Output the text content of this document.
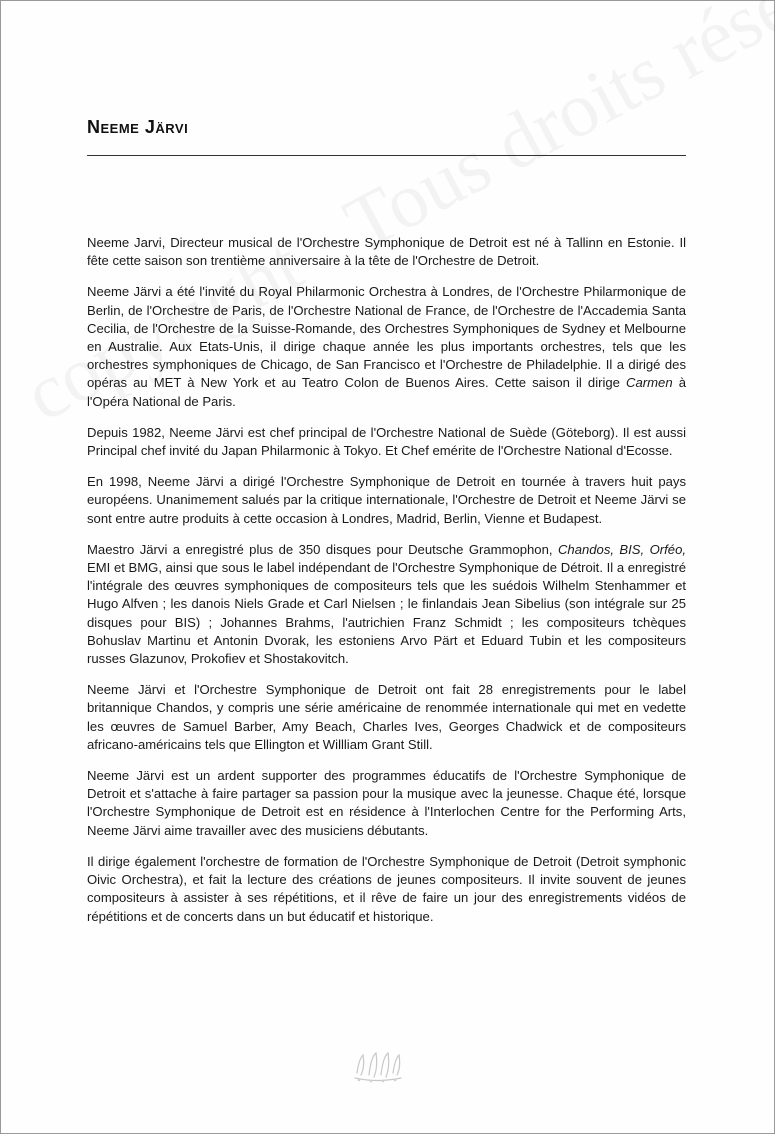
Neeme Järvi

Neeme Jarvi, Directeur musical de l'Orchestre Symphonique de Detroit est né à Tallinn en Estonie. Il fête cette saison son trentième anniversaire à la tête de l'Orchestre de Detroit.

Neeme Järvi a été l'invité du Royal Philarmonic Orchestra à Londres, de l'Orchestre Philarmonique de Berlin, de l'Orchestre de Paris, de l'Orchestre National de France, de l'Orchestre de l'Accademia Santa Cecilia, de l'Orchestre de la Suisse-Romande, des Orchestres Symphoniques de Sydney et Melbourne en Australie. Aux Etats-Unis, il dirige chaque année les plus importants orchestres, tels que les orchestres symphoniques de Chicago, de San Francisco et l'Orchestre de Philadelphie. Il a dirigé des opéras au MET à New York et au Teatro Colon de Buenos Aires. Cette saison il dirige Carmen à l'Opéra National de Paris.

Depuis 1982, Neeme Järvi est chef principal de l'Orchestre National de Suède (Göteborg). Il est aussi Principal chef invité du Japan Philarmonic à Tokyo. Et Chef emérite de l'Orchestre National d'Ecosse.

En 1998, Neeme Järvi a dirigé l'Orchestre Symphonique de Detroit en tournée à travers huit pays européens. Unanimement salués par la critique internationale, l'Orchestre de Detroit et Neeme Järvi se sont entre autre produits à cette occasion à Londres, Madrid, Berlin, Vienne et Budapest.

Maestro Järvi a enregistré plus de 350 disques pour Deutsche Grammophon, Chandos, BIS, Orféo, EMI et BMG, ainsi que sous le label indépendant de l'Orchestre Symphonique de Détroit. Il a enregistré l'intégrale des œuvres symphoniques de compositeurs tels que les suédois Wilhelm Stenhammer et Hugo Alfven ; les danois Niels Grade et Carl Nielsen ; le finlandais Jean Sibelius (son intégrale sur 25 disques pour BIS) ; Johannes Brahms, l'autrichien Franz Schmidt ; les compositeurs tchèques Bohuslav Martinu et Antonin Dvorak, les estoniens Arvo Pärt et Eduard Tubin et les compositeurs russes Glazunov, Prokofiev et Shostakovitch.

Neeme Järvi et l'Orchestre Symphonique de Detroit ont fait 28 enregistrements pour le label britannique Chandos, y compris une série américaine de renommée internationale qui met en vedette les œuvres de Samuel Barber, Amy Beach, Charles Ives, Georges Chadwick et de compositeurs africano-américains tels que Ellington et Willliam Grant Still.

Neeme Järvi est un ardent supporter des programmes éducatifs de l'Orchestre Symphonique de Detroit et s'attache à faire partager sa passion pour la musique avec la jeunesse. Chaque été, lorsque l'Orchestre Symphonique de Detroit est en résidence à l'Interlochen Centre for the Performing Arts, Neeme Järvi aime travailler avec des musiciens débutants.

Il dirige également l'orchestre de formation de l'Orchestre Symphonique de Detroit (Detroit symphonic Oivic Orchestra), et fait la lecture des créations de jeunes compositeurs. Il invite souvent de jeunes compositeurs à assister à ses répétitions, et il rêve de faire un jour des enregistrements vidéos de répétitions et de concerts dans un but éducatif et historique.
